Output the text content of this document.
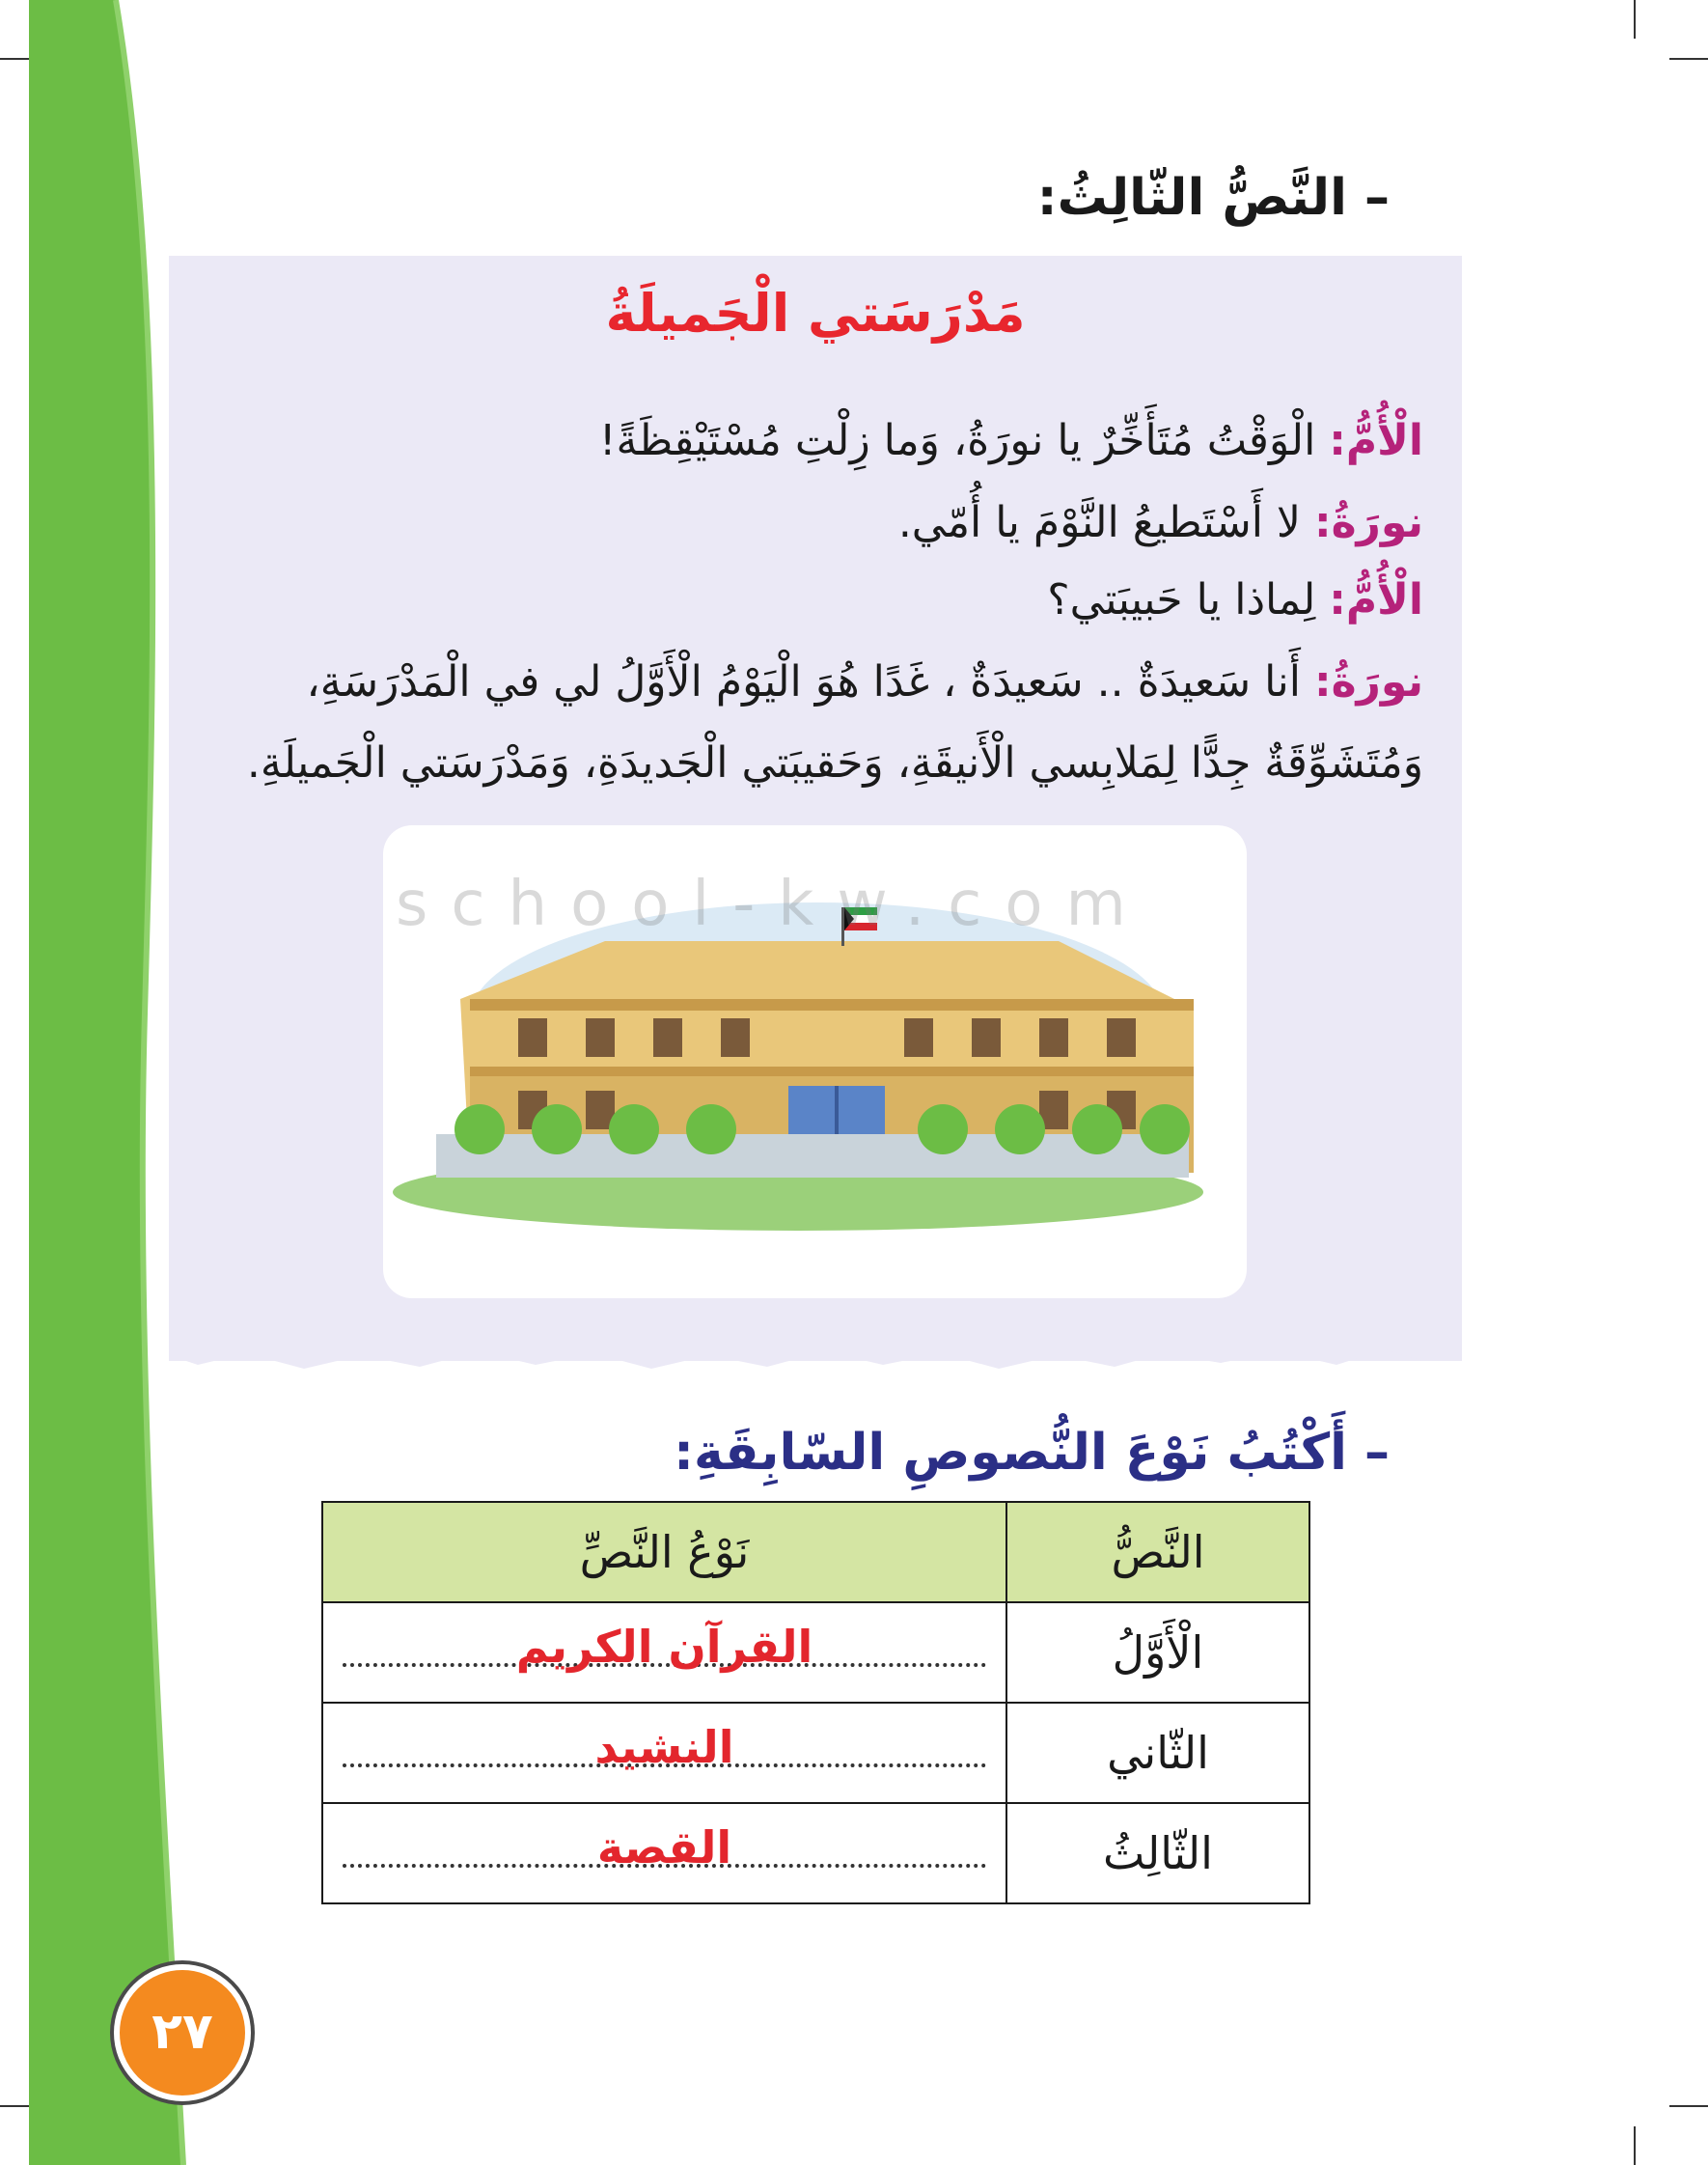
– النَّصُّ الثّالِثُ:
مَدْرَسَتي الْجَميلَةُ
الْأُمُّ: الْوَقْتُ مُتَأَخِّرٌ يا نورَةُ، وَما زِلْتِ مُسْتَيْقِظَةً!
نورَةُ: لا أَسْتَطيعُ النَّوْمَ يا أُمّي.
الْأُمُّ: لِماذا يا حَبيبَتي؟
نورَةُ: أَنا سَعيدَةٌ .. سَعيدَةٌ ، غَدًا هُوَ الْيَوْمُ الْأَوَّلُ لي في الْمَدْرَسَةِ، وَمُتَشَوِّقَةٌ جِدًّا لِمَلابِسي الْأَنيقَةِ، وَحَقيبَتي الْجَديدَةِ، وَمَدْرَسَتي الْجَميلَةِ.
school-kw.com
– أَكْتُبُ نَوْعَ النُّصوصِ السّابِقَةِ:
النَّصُّ	نَوْعُ النَّصِّ
الْأَوَّلُ	القرآن الكريم

الثّاني	النشيد

الثّالِثُ	القصة
٢٧
